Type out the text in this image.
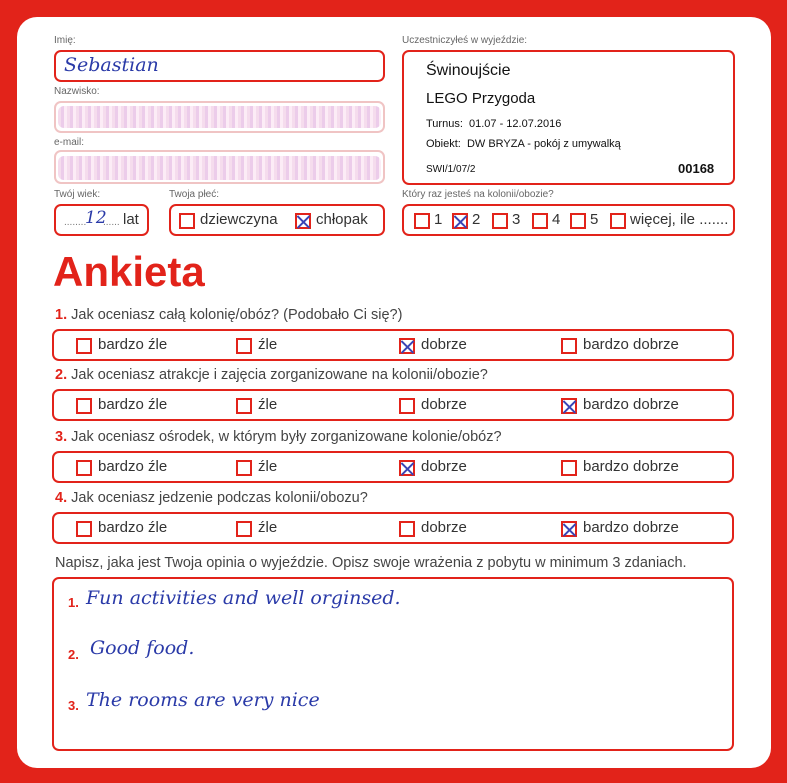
Imię:
Sebastian
Nazwisko:
e-mail:
Twój wiek:
........
12
...... lat
Twoja płeć:
dziewczyna	chłopak
Uczestniczyłeś w wyjeździe:
Świnoujście
LEGO Przygoda
Turnus:  01.07 - 12.07.2016
Obiekt:  DW BRYZA - pokój z umywalką
SWI/1/07/2	00168
Który raz jesteś na kolonii/obozie?
1 2 3 4 5 więcej, ile .......
Ankieta
1. Jak oceniasz całą kolonię/obóz? (Podobało Ci się?)
bardzo źle	źle	dobrze	bardzo dobrze
2. Jak oceniasz atrakcje i zajęcia zorganizowane na kolonii/obozie?
bardzo źle	źle	dobrze	bardzo dobrze
3. Jak oceniasz ośrodek, w którym były zorganizowane kolonie/obóz?
bardzo źle	źle	dobrze	bardzo dobrze
4. Jak oceniasz jedzenie podczas kolonii/obozu?
bardzo źle	źle	dobrze	bardzo dobrze
Napisz, jaka jest Twoja opinia o wyjeździe. Opisz swoje wrażenia z pobytu w minimum 3 zdaniach.
1. Fun activities and well orginsed.
2. Good food.
3. The rooms are very nice
